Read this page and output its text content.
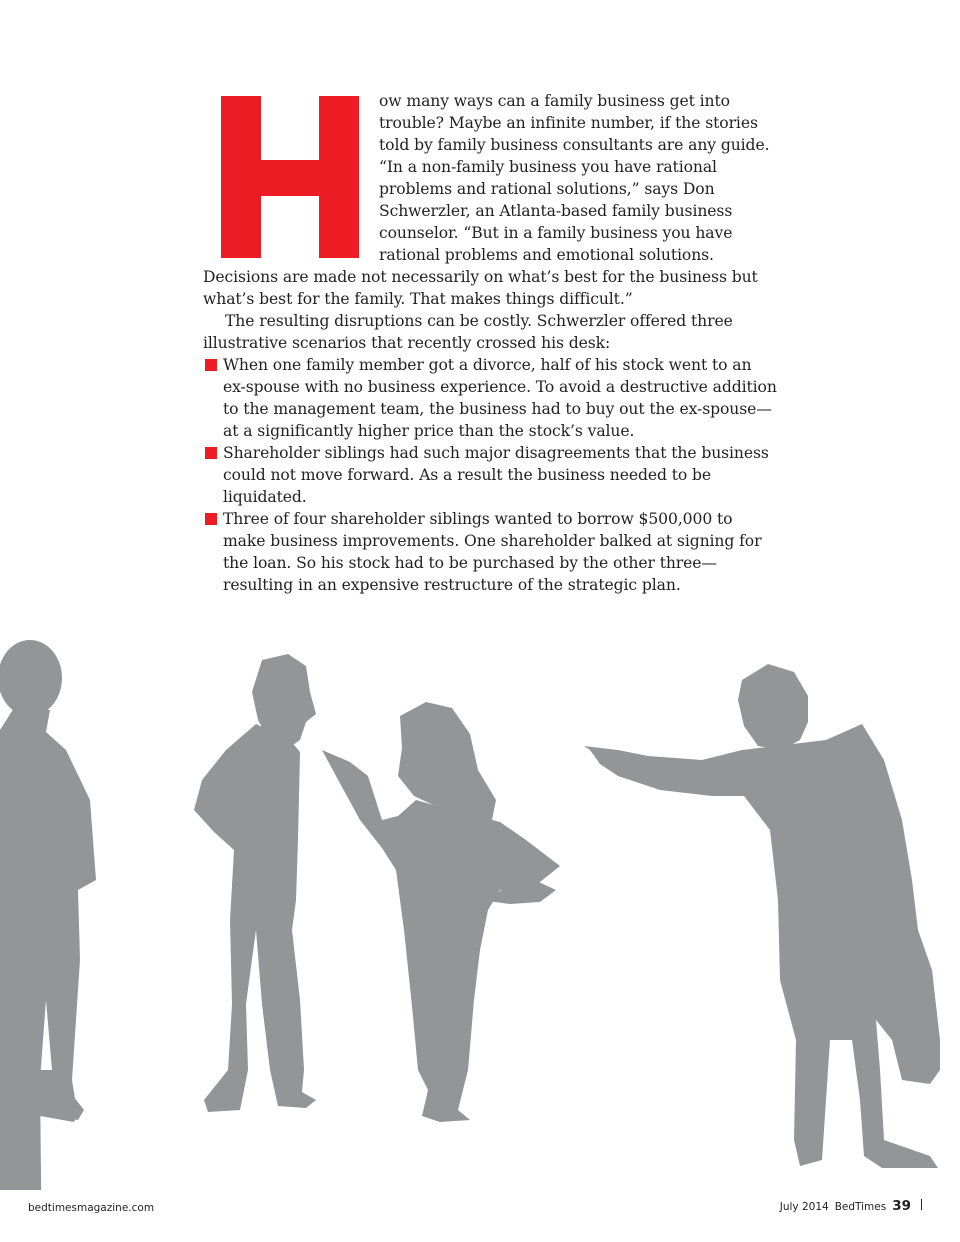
ow many ways can a family business get into trouble? Maybe an infinite number, if the stories told by family business consultants are any guide.

“In a non-family business you have rational problems and rational solutions,” says Don Schwerzler, an Atlanta-based family business counselor. “But in a family business you have rational problems and emotional solutions. Decisions are made not necessarily on what’s best for the business but what’s best for the family. That makes things difficult.”

The resulting disruptions can be costly. Schwerzler offered three illustrative scenarios that recently crossed his desk:

When one family member got a divorce, half of his stock went to an ex-spouse with no business experience. To avoid a destructive addition to the management team, the business had to buy out the ex-spouse—at a significantly higher price than the stock’s value.
Shareholder siblings had such major disagreements that the business could not move forward. As a result the business needed to be liquidated.
Three of four shareholder siblings wanted to borrow $500,000 to make business improvements. One shareholder balked at signing for the loan. So his stock had to be purchased by the other three—resulting in an expensive restructure of the strategic plan.
bedtimesmagazine.com	July 2014 BedTimes 39
